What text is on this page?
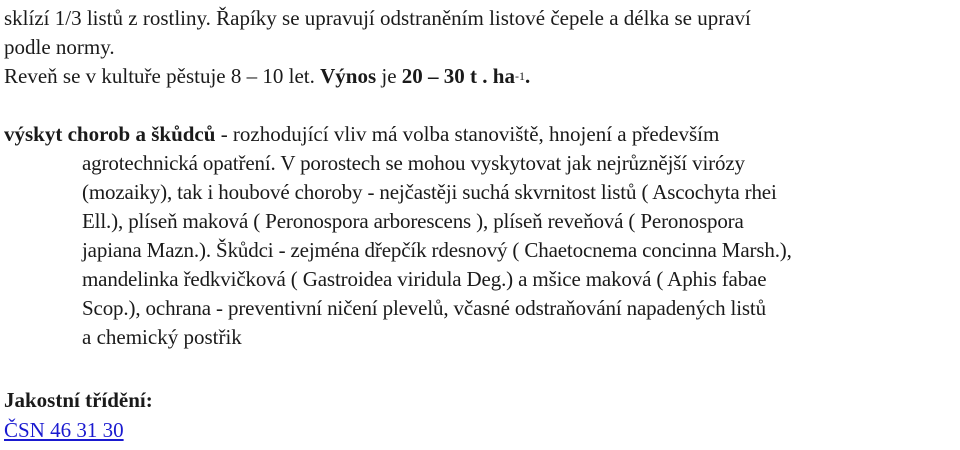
sklízí 1/3 listů z rostliny. Řapíky se upravují odstraněním listové čepele a délka se upraví
podle normy.
Reveň se v kultuře pěstuje 8 – 10 let. Výnos je 20 – 30 t . $ha^{-1}$.
výskyt chorob a škůdců - rozhodující vliv má volba stanoviště, hnojení a především
agrotechnická opatření. V porostech se mohou vyskytovat jak nejrůznější virózy
(mozaiky), tak i houbové choroby - nejčastěji suchá skvrnitost listů ( Ascochyta rhei
Ell.), plíseň maková ( Peronospora arborescens ), plíseň reveňová ( Peronospora
japiana Mazn.). Škůdci - zejména dřepčík rdesnový ( Chaetocnema concinna Marsh.),
mandelinka ředkvičková ( Gastroidea viridula Deg.) a mšice maková ( Aphis fabae
Scop.), ochrana - preventivní ničení plevelů, včasné odstraňování napadených listů
a chemický postřik
Jakostní třídění:
ČSN 46 31 30
